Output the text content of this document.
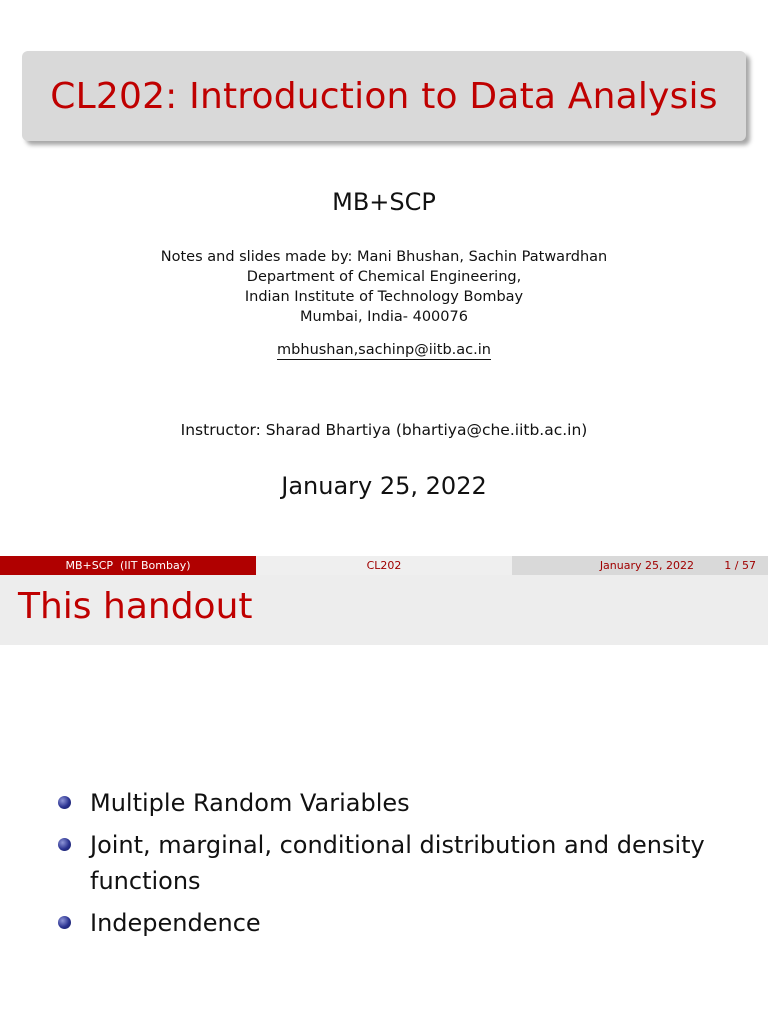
CL202: Introduction to Data Analysis
MB+SCP
Notes and slides made by: Mani Bhushan, Sachin Patwardhan
Department of Chemical Engineering,
Indian Institute of Technology Bombay
Mumbai, India- 400076
mbhushan,sachinp@iitb.ac.in
Instructor: Sharad Bhartiya (bhartiya@che.iitb.ac.in)
January 25, 2022
MB+SCP  (IIT Bombay)	CL202	January 25, 2022	1 / 57
This handout
Multiple Random Variables
Joint, marginal, conditional distribution and density functions
Independence
